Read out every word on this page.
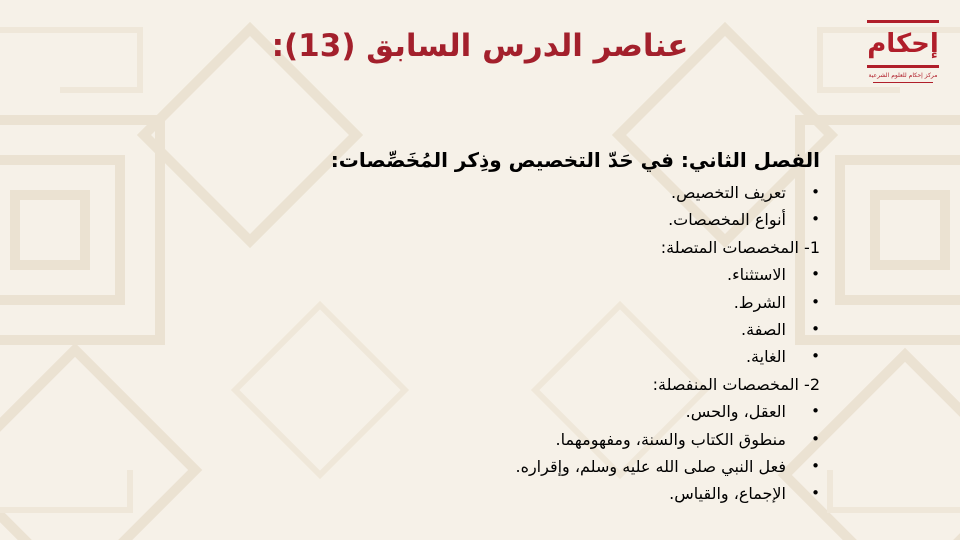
إحكام
مركز إحكام للعلوم الشرعية
عناصر الدرس السابق (13):
الفصل الثاني: في حَدّ التخصيص وذِكر المُخَصِّصات:
• تعريف التخصيص.
• أنواع المخصصات.
1- المخصصات المتصلة:
• الاستثناء.
• الشرط.
• الصفة.
• الغاية.
2- المخصصات المنفصلة:
• العقل، والحس.
• منطوق الكتاب والسنة، ومفهومهما.
• فعل النبي صلى الله عليه وسلم، وإقراره.
• الإجماع، والقياس.
